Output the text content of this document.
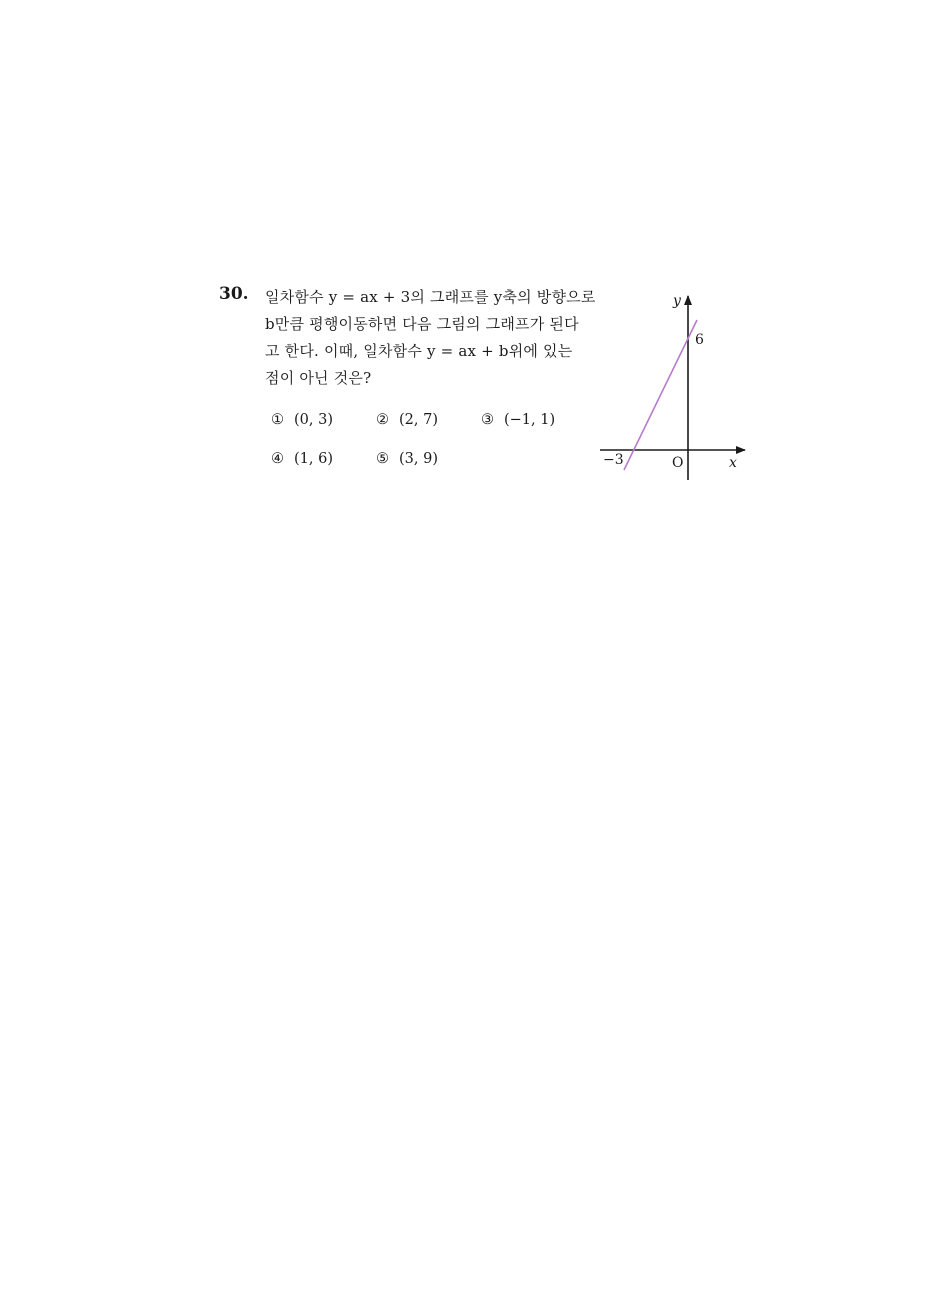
30. 일차함수 y = ax + 3의 그래프를 y축의 방향으로
b만큼 평행이동하면 다음 그림의 그래프가 된다
고 한다. 이때, 일차함수 y = ax + b위에 있는
점이 아닌 것은?
① (0, 3)	② (2, 7)	③ (−1, 1)
④ (1, 6)	⑤ (3, 9)
y
x
O
−3
6
